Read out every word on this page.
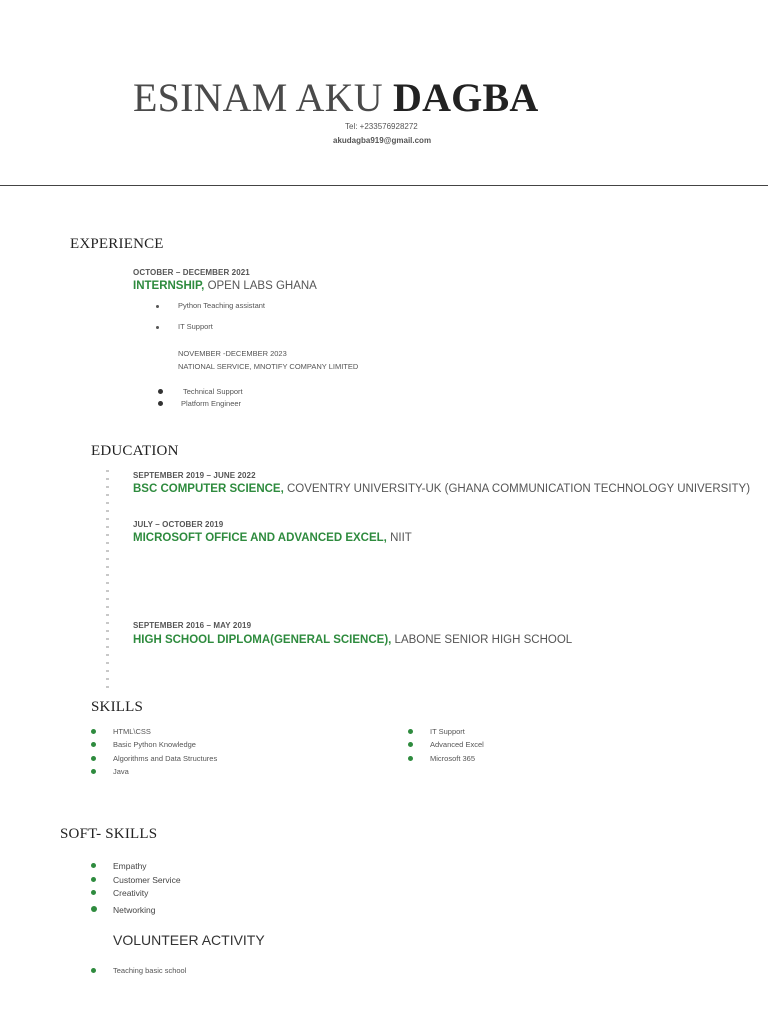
ESINAM AKU DAGBA
Tel: +233576928272
akudagba919@gmail.com
EXPERIENCE
OCTOBER – DECEMBER 2021
INTERNSHIP, OPEN LABS GHANA
Python Teaching assistant
IT Support
NOVEMBER -DECEMBER 2023
NATIONAL SERVICE, MNOTIFY COMPANY LIMITED
Technical Support
Platform Engineer
EDUCATION
SEPTEMBER 2019 – JUNE 2022
BSC COMPUTER SCIENCE, COVENTRY UNIVERSITY-UK (GHANA COMMUNICATION TECHNOLOGY UNIVERSITY)
JULY – OCTOBER 2019
MICROSOFT OFFICE AND ADVANCED EXCEL, NIIT
SEPTEMBER 2016 – MAY 2019
HIGH SCHOOL DIPLOMA(GENERAL SCIENCE), LABONE SENIOR HIGH SCHOOL
SKILLS
HTML\CSS
Basic Python Knowledge
Algorithms and Data Structures
Java
IT Support
Advanced Excel
Microsoft 365
SOFT- SKILLS
Empathy
Customer Service
Creativity
Networking
VOLUNTEER ACTIVITY
Teaching basic school
